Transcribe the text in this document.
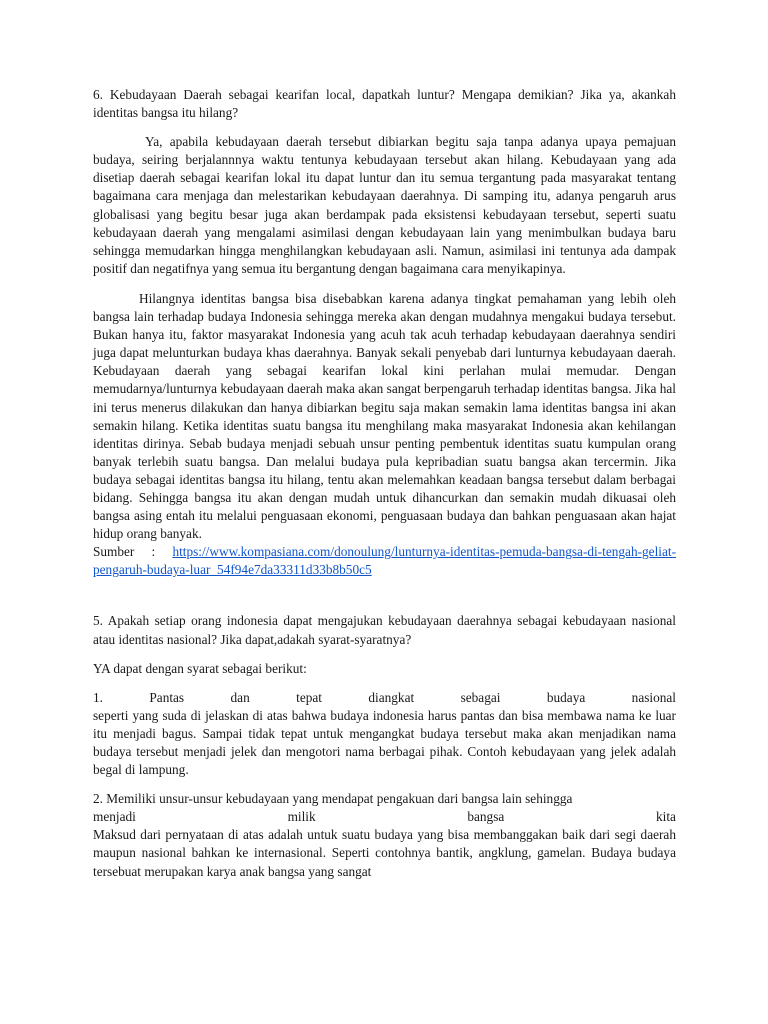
6. Kebudayaan Daerah sebagai kearifan local, dapatkah luntur? Mengapa demikian? Jika ya, akankah identitas bangsa itu hilang?

Ya, apabila kebudayaan daerah tersebut dibiarkan begitu saja tanpa adanya upaya pemajuan budaya, seiring berjalannnya waktu tentunya kebudayaan tersebut akan hilang. Kebudayaan yang ada disetiap daerah sebagai kearifan lokal itu dapat luntur dan itu semua tergantung pada masyarakat tentang bagaimana cara menjaga dan melestarikan kebudayaan daerahnya. Di samping itu, adanya pengaruh arus globalisasi yang begitu besar juga akan berdampak pada eksistensi kebudayaan tersebut, seperti suatu kebudayaan daerah yang mengalami asimilasi dengan kebudayaan lain yang menimbulkan budaya baru sehingga memudarkan hingga menghilangkan kebudayaan asli. Namun, asimilasi ini tentunya ada dampak positif dan negatifnya yang semua itu bergantung dengan bagaimana cara menyikapinya.

Hilangnya identitas bangsa bisa disebabkan karena adanya tingkat pemahaman yang lebih oleh bangsa lain terhadap budaya Indonesia sehingga mereka akan dengan mudahnya mengakui budaya tersebut. Bukan hanya itu, faktor masyarakat Indonesia yang acuh tak acuh terhadap kebudayaan daerahnya sendiri juga dapat melunturkan budaya khas daerahnya. Banyak sekali penyebab dari lunturnya kebudayaan daerah. Kebudayaan daerah yang sebagai kearifan lokal kini perlahan mulai memudar. Dengan memudarnya/lunturnya kebudayaan daerah maka akan sangat berpengaruh terhadap identitas bangsa. Jika hal ini terus menerus dilakukan dan hanya dibiarkan begitu saja makan semakin lama identitas bangsa ini akan semakin hilang. Ketika identitas suatu bangsa itu menghilang maka masyarakat Indonesia akan kehilangan identitas dirinya. Sebab budaya menjadi sebuah unsur penting pembentuk identitas suatu kumpulan orang banyak terlebih suatu bangsa. Dan melalui budaya pula kepribadian suatu bangsa akan tercermin. Jika budaya sebagai identitas bangsa itu hilang, tentu akan melemahkan keadaan bangsa tersebut dalam berbagai bidang. Sehingga bangsa itu akan dengan mudah untuk dihancurkan dan semakin mudah dikuasai oleh bangsa asing entah itu melalui penguasaan ekonomi, penguasaan budaya dan bahkan penguasaan akan hajat hidup orang banyak.

Sumber   :   https://www.kompasiana.com/donoulung/lunturnya-identitas-pemuda-bangsa-di-tengah-geliat-pengaruh-budaya-luar_54f94e7da33311d33b8b50c5

5. Apakah setiap orang indonesia dapat mengajukan kebudayaan daerahnya sebagai kebudayaan nasional atau identitas nasional? Jika dapat,adakah syarat-syaratnya?

YA dapat dengan syarat sebagai berikut:

1.	Pantas	dan	tepat	diangkat	sebagai	budaya	nasional
seperti yang suda di jelaskan di atas bahwa budaya indonesia harus pantas dan bisa membawa nama ke luar itu menjadi bagus. Sampai tidak tepat untuk mengangkat budaya tersebut maka akan menjadikan nama budaya tersebut menjadi jelek dan mengotori nama berbagai pihak. Contoh kebudayaan yang jelek adalah begal di lampung.
2. Memiliki unsur-unsur kebudayaan yang mendapat pengakuan dari bangsa lain sehingga
menjadi	milik	bangsa	kita
Maksud dari pernyataan di atas adalah untuk suatu budaya yang bisa membanggakan baik dari segi daerah maupun nasional bahkan ke internasional. Seperti contohnya bantik, angklung, gamelan. Budaya budaya tersebuat merupakan karya anak bangsa yang sangat
